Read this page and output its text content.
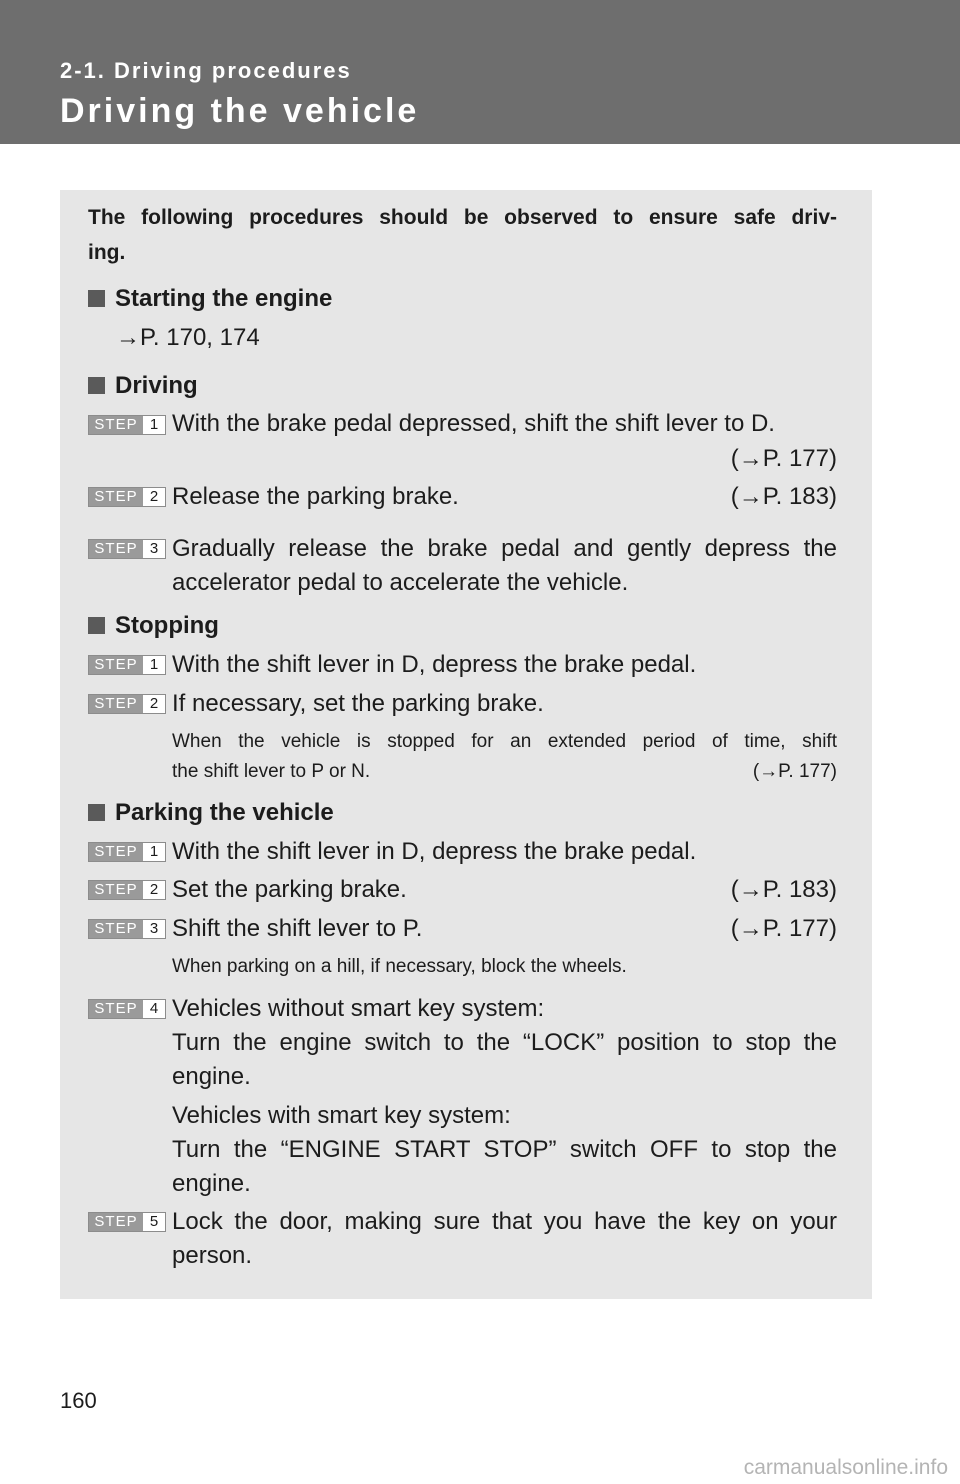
2-1. Driving procedures
Driving the vehicle
The following procedures should be observed to ensure safe driv-
ing.
Starting the engine
→P. 170, 174
Driving
STEP 1 With the brake pedal depressed, shift the shift lever to D.
(→P. 177)
STEP 2 Release the parking brake.	(→P. 183)
STEP 3 Gradually release the brake pedal and gently depress the
accelerator pedal to accelerate the vehicle.
Stopping
STEP 1 With the shift lever in D, depress the brake pedal.
STEP 2 If necessary, set the parking brake.
When the vehicle is stopped for an extended period of time, shift
the shift lever to P or N.	(→P. 177)
Parking the vehicle
STEP 1 With the shift lever in D, depress the brake pedal.
STEP 2 Set the parking brake.	(→P. 183)
STEP 3 Shift the shift lever to P.	(→P. 177)
When parking on a hill, if necessary, block the wheels.
STEP 4 Vehicles without smart key system:
Turn the engine switch to the “LOCK” position to stop the
engine.
Vehicles with smart key system:
Turn the “ENGINE START STOP” switch OFF to stop the
engine.
STEP 5 Lock the door, making sure that you have the key on your
person.
160
carmanualsonline.info
